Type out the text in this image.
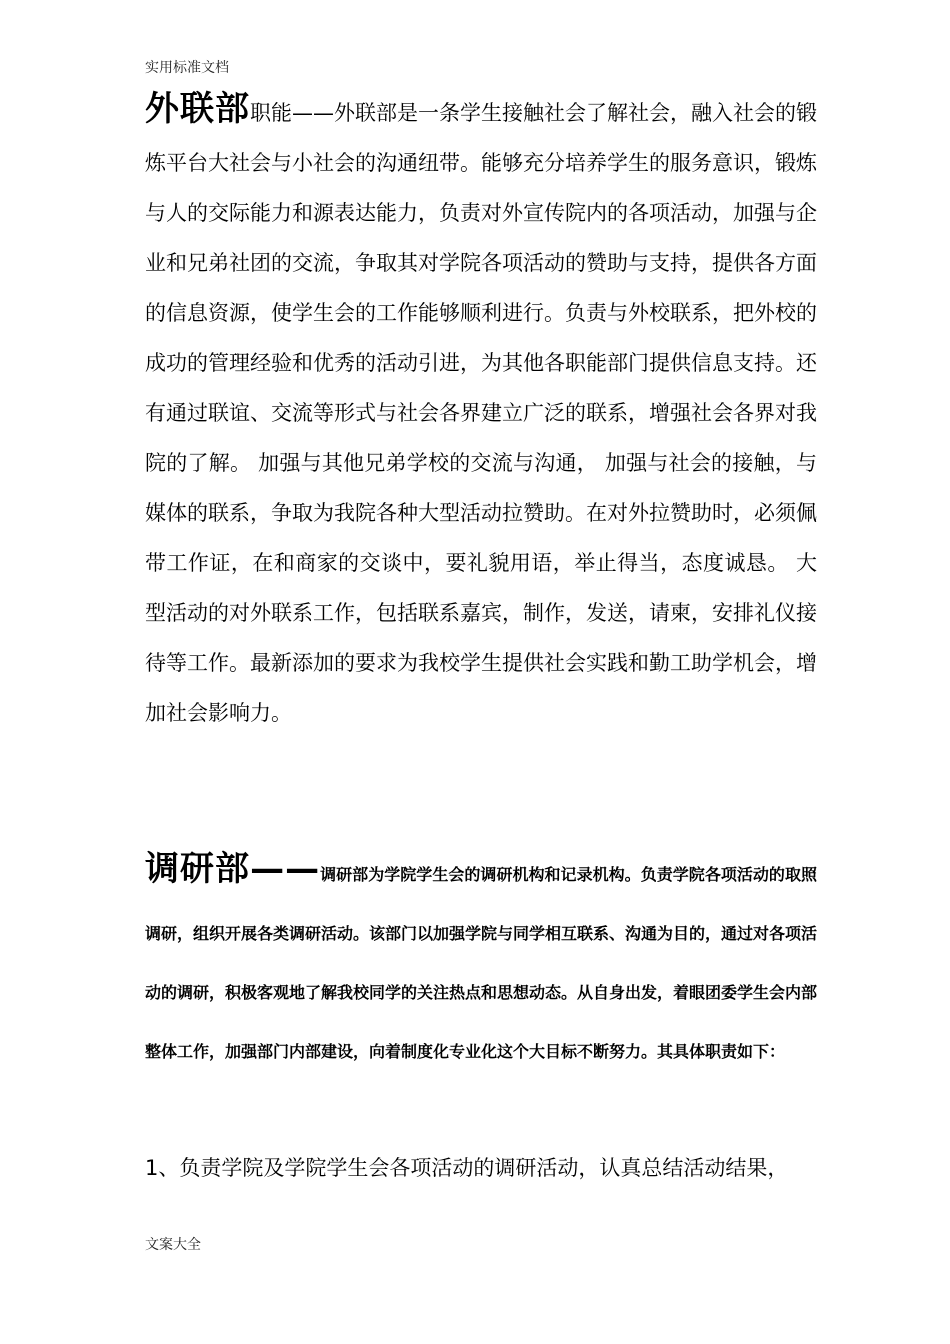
实用标准文档

外联部职能——外联部是一条学生接触社会了解社会，融入社会的锻炼平台大社会与小社会的沟通纽带。能够充分培养学生的服务意识，锻炼与人的交际能力和源表达能力，负责对外宣传院内的各项活动，加强与企业和兄弟社团的交流，争取其对学院各项活动的赞助与支持，提供各方面的信息资源，使学生会的工作能够顺利进行。负责与外校联系，把外校的成功的管理经验和优秀的活动引进，为其他各职能部门提供信息支持。还有通过联谊、交流等形式与社会各界建立广泛的联系，增强社会各界对我院的了解。 加强与其他兄弟学校的交流与沟通， 加强与社会的接触，与媒体的联系，争取为我院各种大型活动拉赞助。在对外拉赞助时，必须佩带工作证，在和商家的交谈中，要礼貌用语，举止得当，态度诚恳。 大型活动的对外联系工作，包括联系嘉宾，制作，发送，请柬，安排礼仪接待等工作。最新添加的要求为我校学生提供社会实践和勤工助学机会，增加社会影响力。

调研部——调研部为学院学生会的调研机构和记录机构。负责学院各项活动的取照调研，组织开展各类调研活动。该部门以加强学院与同学相互联系、沟通为目的，通过对各项活动的调研，积极客观地了解我校同学的关注热点和思想动态。从自身出发，着眼团委学生会内部整体工作，加强部门内部建设，向着制度化专业化这个大目标不断努力。其具体职责如下：

1、负责学院及学院学生会各项活动的调研活动，认真总结活动结果，
文案大全
